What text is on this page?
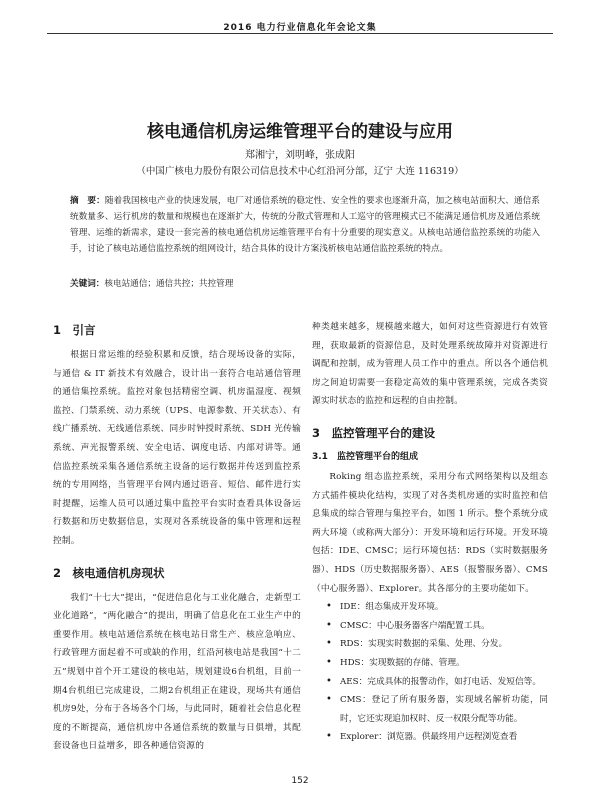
2016 电力行业信息化年会论文集
核电通信机房运维管理平台的建设与应用
郑湘宁，刘明峰，张成阳
（中国广核电力股份有限公司信息技术中心红沿河分部，辽宁 大连 116319）
摘　要：随着我国核电产业的快速发展，电厂对通信系统的稳定性、安全性的要求也逐渐升高，加之核电站面积大、通信系统数量多、运行机房的数量和规模也在逐渐扩大，传统的分散式管理和人工巡守的管理模式已不能满足通信机房及通信系统管理、运维的新需求，建设一套完善的核电通信机房运维管理平台有十分重要的现实意义。从核电站通信监控系统的功能入手，讨论了核电站通信监控系统的组网设计，结合具体的设计方案浅析核电站通信监控系统的特点。
关键词：核电站通信；通信共控；共控管理
1　引言

根据日常运维的经验积累和反馈，结合现场设备的实际，与通信 & IT 新技术有效融合，设计出一套符合电站通信管理的通信集控系统。监控对象包括精密空调、机房温湿度、视频监控、门禁系统、动力系统（UPS、电源参数、开关状态）、有线广播系统、无线通信系统、同步时钟授时系统、SDH 光传输系统、声光报警系统、安全电话、调度电话、内部对讲等。通信监控系统采集各通信系统主设备的运行数据并传送到监控系统的专用网络，当管理平台网内通过语音、短信、邮件进行实时提醒，运维人员可以通过集中监控平台实时查看具体设备运行数据和历史数据信息，实现对各系统设备的集中管理和远程控制。

2　核电通信机房现状

我们“十七大”提出，“促进信息化与工业化融合，走新型工业化道路”，“两化融合”的提出，明确了信息化在工业生产中的重要作用。核电站通信系统在核电站日常生产、核应急响应、行政管理方面起着不可或缺的作用，红沿河核电站是我国“十二五”规划中首个开工建设的核电站，规划建设6台机组，目前一期4台机组已完成建设，二期2台机组正在建设，现场共有通信机房9处，分布于各场各个门场，与此同时，随着社会信息化程度的不断提高，通信机房中各通信系统的数量与日俱增，其配套设备也日益增多，即各种通信资源的

种类越来越多，规模越来越大，如何对这些资源进行有效管理，获取最新的资源信息，及时处理系统故障并对资源进行调配和控制，成为管理人员工作中的重点。所以各个通信机房之间迫切需要一套稳定高效的集中管理系统，完成各类资源实时状态的监控和远程的自由控制。

3　监控管理平台的建设
3.1　监控管理平台的组成

Roking 组态监控系统，采用分布式网络架构以及组态方式插件模块化结构，实现了对各类机房通的实时监控和信息集成的综合管理与集控平台，如图 1 所示。整个系统分成两大环境（或称两大部分）：开发环境和运行环境。开发环境包括：IDE、CMSC；运行环境包括：RDS（实时数据服务器）、HDS（历史数据服务器）、AES（报警服务器）、CMS（中心服务器）、Explorer。其各部分的主要功能如下。

• IDE：组态集成开发环境。
• CMSC：中心服务器客户端配置工具。
• RDS：实现实时数据的采集、处理、分发。
• HDS：实现数据的存储、管理。
• AES：完成具体的报警动作，如打电话、发短信等。
• CMS：登记了所有服务器，实现域名解析功能，同时，它还实现追加权时、反一权限分配等功能。
• Explorer：浏览器。供最终用户远程浏览查看
152
